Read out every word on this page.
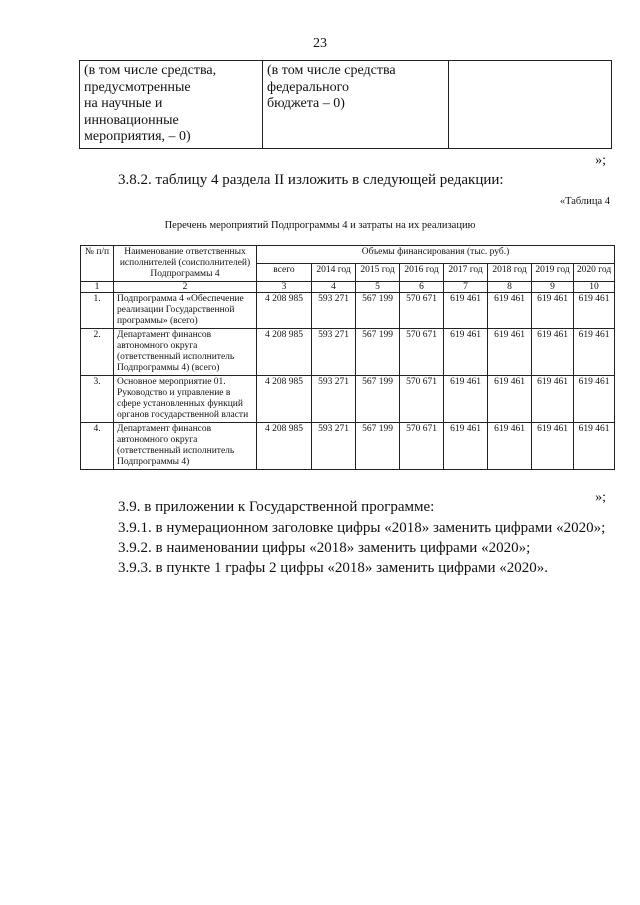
23
(в том числе средства,
предусмотренные
на научные и
инновационные
мероприятия, – 0)

(в том числе средства
федерального
бюджета – 0)

»;
3.8.2. таблицу 4 раздела II изложить в следующей редакции:
«Таблица 4
Перечень мероприятий Подпрограммы 4 и затраты на их реализацию
№ п/п	Наименование ответственных исполнителей (соисполнителей) Подпрограммы 4	Объемы финансирования (тыс. руб.)							
		всего	2014 год	2015 год	2016 год	2017 год	2018 год	2019 год	2020 год
1	2	3	4	5	6	7	8	9	10
1.	Подпрограмма 4 «Обеспечение реализации Государственной программы» (всего)	4 208 985	593 271	567 199	570 671	619 461	619 461	619 461	619 461
2.	Департамент финансов автономного округа (ответственный исполнитель Подпрограммы 4) (всего)	4 208 985	593 271	567 199	570 671	619 461	619 461	619 461	619 461
3.	Основное мероприятие 01. Руководство и управление в сфере установленных функций органов государственной власти	4 208 985	593 271	567 199	570 671	619 461	619 461	619 461	619 461
4.	Департамент финансов автономного округа (ответственный исполнитель Подпрограммы 4)	4 208 985	593 271	567 199	570 671	619 461	619 461	619 461	619 461
»;
3.9. в приложении к Государственной программе:
3.9.1. в нумерационном заголовке цифры «2018» заменить цифрами «2020»;
3.9.2. в наименовании цифры «2018» заменить цифрами «2020»;
3.9.3. в пункте 1 графы 2 цифры «2018» заменить цифрами «2020».
